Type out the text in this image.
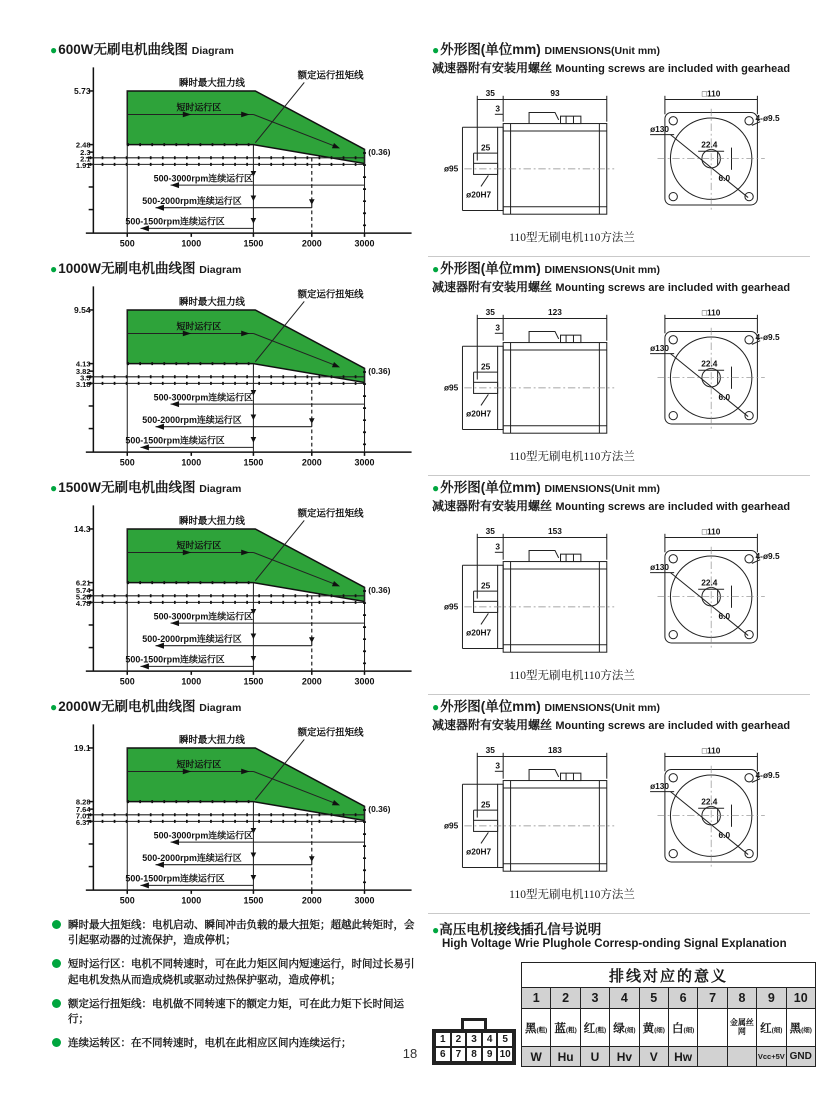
●600W无刷电机曲线图 Diagram
5.73
2.48
2.3
2.1
1.91
500	1000	1500	2000	3000
瞬时最大扭力线
短时运行区
额定运行扭矩线
(0.36)
500-3000rpm连续运行区
500-2000rpm连续运行区
500-1500rpm连续运行区
●外形图(单位mm) DIMENSIONS(Unit mm)
减速器附有安装用螺丝 Mounting screws are included with gearhead
35	93
3
25
ø95
ø20H7
□110
ø130
4-ø9.5
22.4
6.0
110型无刷电机110方法兰
●1000W无刷电机曲线图 Diagram
9.54
4.13
3.82
3.5
3.18
500	1000	1500	2000	3000
瞬时最大扭力线
短时运行区
额定运行扭矩线
(0.36)
500-3000rpm连续运行区
500-2000rpm连续运行区
500-1500rpm连续运行区
●外形图(单位mm) DIMENSIONS(Unit mm)
减速器附有安装用螺丝 Mounting screws are included with gearhead
35	123
3
25
ø95
ø20H7
□110
ø130
4-ø9.5
22.4
6.0
110型无刷电机110方法兰
●1500W无刷电机曲线图 Diagram
14.3
6.21
5.74
5.26
4.78
500	1000	1500	2000	3000
瞬时最大扭力线
短时运行区
额定运行扭矩线
(0.36)
500-3000rpm连续运行区
500-2000rpm连续运行区
500-1500rpm连续运行区
●外形图(单位mm) DIMENSIONS(Unit mm)
减速器附有安装用螺丝 Mounting screws are included with gearhead
35	153
3
25
ø95
ø20H7
□110
ø130
4-ø9.5
22.4
6.0
110型无刷电机110方法兰
●2000W无刷电机曲线图 Diagram
19.1
8.28
7.64
7.01
6.37
500	1000	1500	2000	3000
瞬时最大扭力线
短时运行区
额定运行扭矩线
(0.36)
500-3000rpm连续运行区
500-2000rpm连续运行区
500-1500rpm连续运行区
●外形图(单位mm) DIMENSIONS(Unit mm)
减速器附有安装用螺丝 Mounting screws are included with gearhead
35	183
3
25
ø95
ø20H7
□110
ø130
4-ø9.5
22.4
6.0
110型无刷电机110方法兰
瞬时最大扭矩线：电机启动、瞬间冲击负载的最大扭矩；超越此转矩时，会引起驱动器的过流保护，造成停机；
短时运行区：电机不同转速时，可在此力矩区间内短速运行，时间过长易引起电机发热从而造成烧机或驱动过热保护驱动，造成停机；
额定运行扭矩线：电机做不同转速下的额定力矩，可在此力矩下长时间运行；
连续运转区：在不同转速时，电机在此相应区间内连续运行；
●高压电机接线插孔信号说明
High Voltage Wrie Plughole Corresp-onding Signal Explanation
1	2	3	4	5
6	7	8	9 10
排线对应的意义									
1	2	3	4	5	6	7	8	9	10
黑(粗)	蓝(粗)	红(粗)	绿(细)	黄(细)	白(细)		金属丝网	红(细)	黑(细)
W	Hu	U	Hv	V	Hw			Vcc+5V	GND
18
